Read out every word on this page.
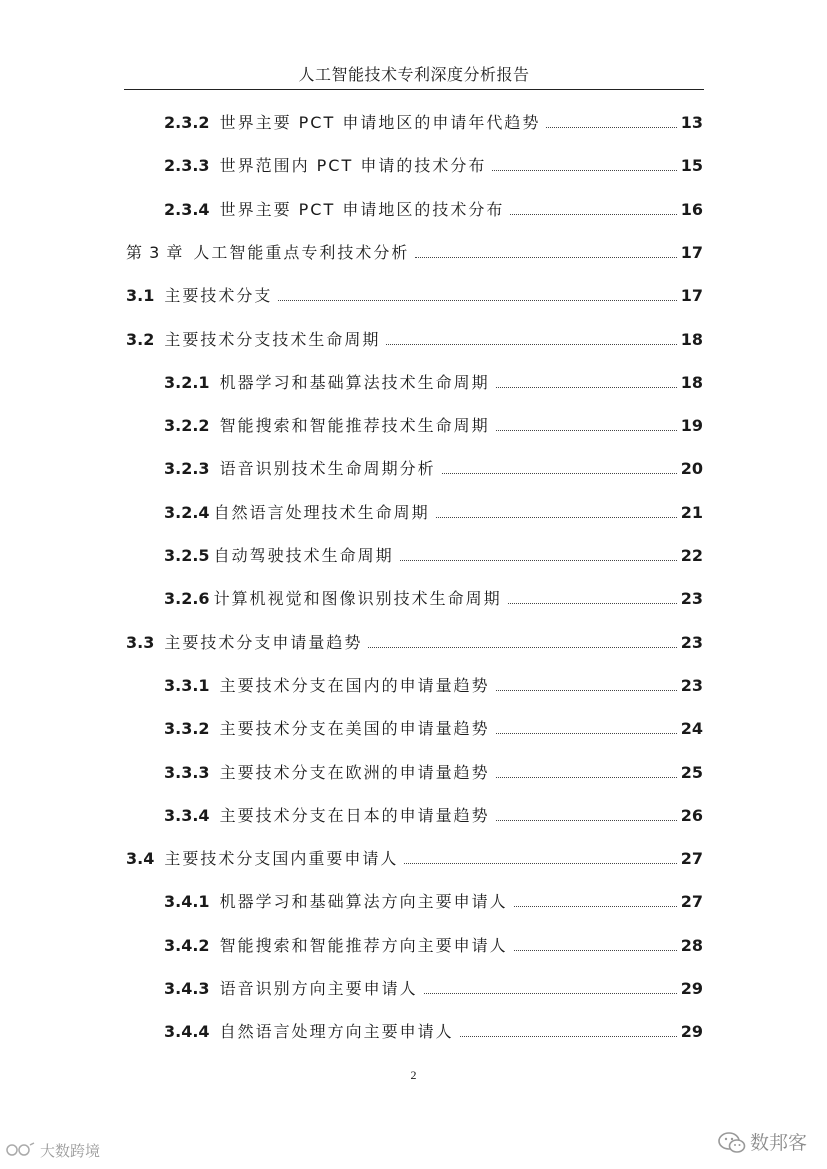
人工智能技术专利深度分析报告
2.3.2 世界主要 PCT 申请地区的申请年代趋势	13
2.3.3 世界范围内 PCT 申请的技术分布	15
2.3.4 世界主要 PCT 申请地区的技术分布	16
第 3 章 人工智能重点专利技术分析	17
3.1 主要技术分支	17
3.2 主要技术分支技术生命周期	18
3.2.1 机器学习和基础算法技术生命周期	18
3.2.2 智能搜索和智能推荐技术生命周期	19
3.2.3 语音识别技术生命周期分析	20
3.2.4 自然语言处理技术生命周期	21
3.2.5 自动驾驶技术生命周期	22
3.2.6 计算机视觉和图像识别技术生命周期	23
3.3 主要技术分支申请量趋势	23
3.3.1 主要技术分支在国内的申请量趋势	23
3.3.2 主要技术分支在美国的申请量趋势	24
3.3.3 主要技术分支在欧洲的申请量趋势	25
3.3.4 主要技术分支在日本的申请量趋势	26
3.4 主要技术分支国内重要申请人	27
3.4.1 机器学习和基础算法方向主要申请人	27
3.4.2 智能搜索和智能推荐方向主要申请人	28
3.4.3 语音识别方向主要申请人	29
3.4.4 自然语言处理方向主要申请人	29
2
大数跨境	数邦客
